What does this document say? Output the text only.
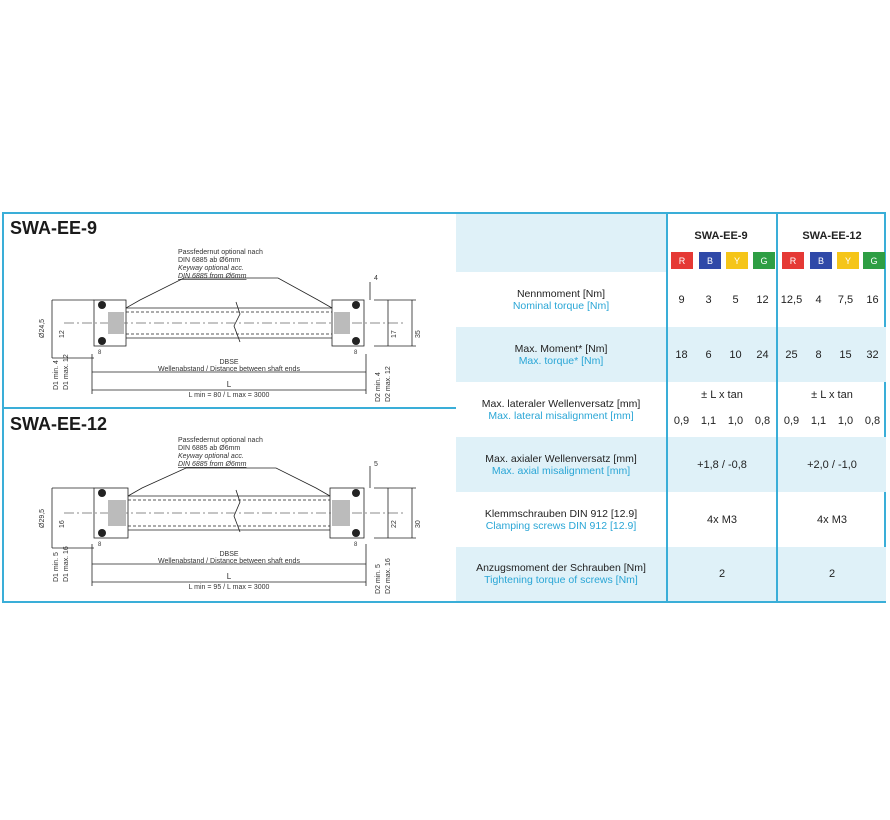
SWA-EE-9
SWA-EE-12
Passfedernut optional nach
DIN 6885 ab Ø6mm
Keyway optional acc.
DIN 6885 from Ø6mm
Ø24,5 12
D1 min. 4 D1 max. 12
4
17 35
D2 min. 4 D2 max. 12
8	8
DBSE
Wellenabstand / Distance between shaft ends
L
L min = 80 / L max = 3000
Passfedernut optional nach
DIN 6885 ab Ø6mm
Keyway optional acc.
DIN 6885 from Ø6mm
Ø29,5 16
D1 min. 5 D1 max. 16
5
22 30
D2 min. 5 D2 max. 16
8	8
DBSE
Wellenabstand / Distance between shaft ends
L
L min = 95 / L max = 3000
SWA-EE-9	SWA-EE-12
R	B	Y	G	R	B	Y	G
Nennmoment [Nm]
Nominal torque [Nm]	9	3	5	12	12,5	4	7,5	16
Max. Moment* [Nm]
Max. torque* [Nm]	18	6	10	24	25	8	15	32
Max. lateraler Wellenversatz [mm]
Max. lateral misalignment [mm]
± L x tan	± L x tan
0,9	1,1	1,0	0,8	0,9	1,1	1,0	0,8
Max. axialer Wellenversatz [mm]
Max. axial misalignment [mm]	+1,8 / -0,8	+2,0 / -1,0
Klemmschrauben DIN 912 [12.9]
Clamping screws DIN 912 [12.9]	4x M3	4x M3
Anzugsmoment der Schrauben [Nm]
Tightening torque of screws [Nm]	2	2
